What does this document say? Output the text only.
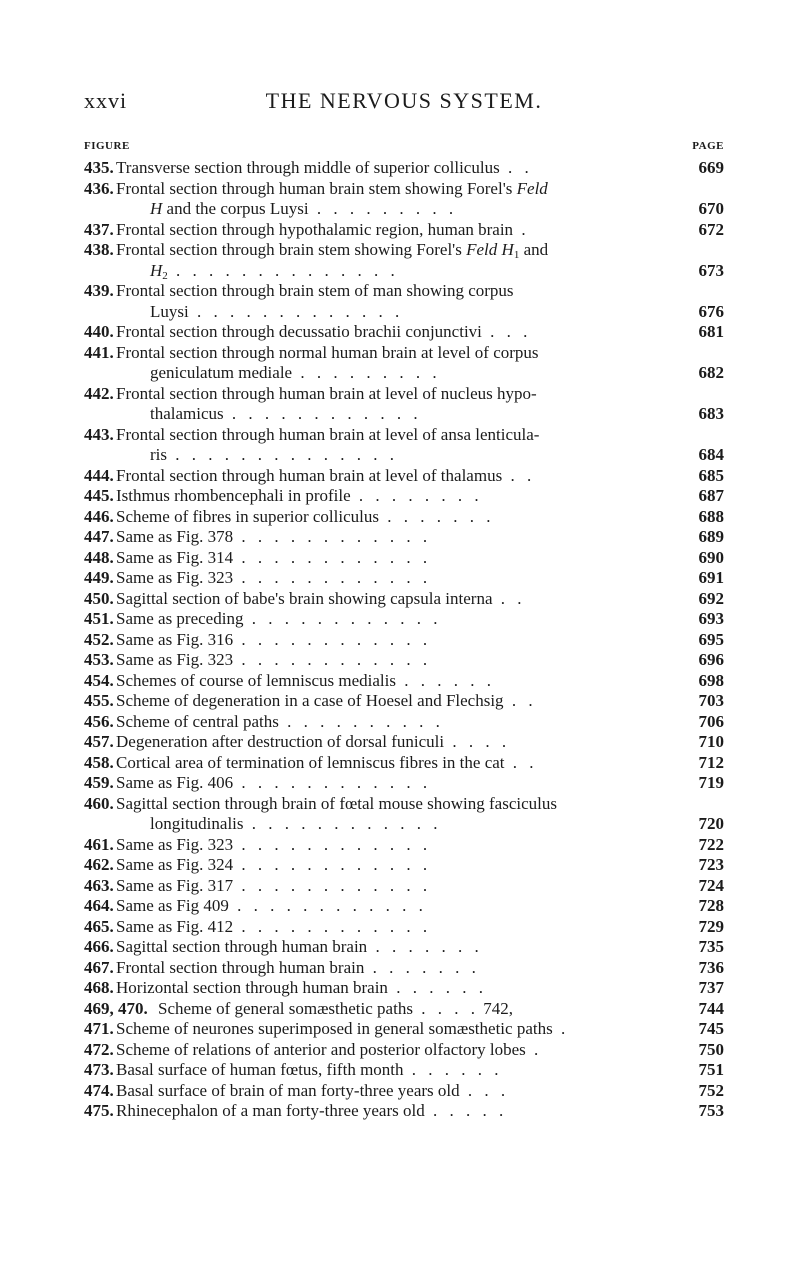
xxvi	THE NERVOUS SYSTEM.
FIGURE	PAGE
435. Transverse section through middle of superior colliculus . .	669
436. Frontal section through human brain stem showing Forel's Feld
H and the corpus Luysi . . . . . . . . .	670
437. Frontal section through hypothalamic region, human brain .	672
438. Frontal section through brain stem showing Forel's Feld $H_1$ and
$H_2$ . . . . . . . . . . . . . .	673
439. Frontal section through brain stem of man showing corpus
Luysi . . . . . . . . . . . . .	676
440. Frontal section through decussatio brachii conjunctivi . . .	681
441. Frontal section through normal human brain at level of corpus
geniculatum mediale . . . . . . . . .	682
442. Frontal section through human brain at level of nucleus hypo-
thalamicus . . . . . . . . . . . .	683
443. Frontal section through human brain at level of ansa lenticula-
ris . . . . . . . . . . . . . .	684
444. Frontal section through human brain at level of thalamus . .	685
445. Isthmus rhombencephali in profile . . . . . . . .	687
446. Scheme of fibres in superior colliculus . . . . . . .	688
447. Same as Fig. 378 . . . . . . . . . . . .	689
448. Same as Fig. 314 . . . . . . . . . . . .	690
449. Same as Fig. 323 . . . . . . . . . . . .	691
450. Sagittal section of babe's brain showing capsula interna . .	692
451. Same as preceding . . . . . . . . . . . .	693
452. Same as Fig. 316 . . . . . . . . . . . .	695
453. Same as Fig. 323 . . . . . . . . . . . .	696
454. Schemes of course of lemniscus medialis . . . . . .	698
455. Scheme of degeneration in a case of Hoesel and Flechsig . .	703
456. Scheme of central paths . . . . . . . . . .	706
457. Degeneration after destruction of dorsal funiculi . . . .	710
458. Cortical area of termination of lemniscus fibres in the cat . .	712
459. Same as Fig. 406 . . . . . . . . . . . .	719
460. Sagittal section through brain of fœtal mouse showing fasciculus
longitudinalis . . . . . . . . . . . .	720
461. Same as Fig. 323 . . . . . . . . . . . .	722
462. Same as Fig. 324 . . . . . . . . . . . .	723
463. Same as Fig. 317 . . . . . . . . . . . .	724
464. Same as Fig 409 . . . . . . . . . . . .	728
465. Same as Fig. 412 . . . . . . . . . . . .	729
466. Sagittal section through human brain . . . . . . .	735
467. Frontal section through human brain . . . . . . .	736
468. Horizontal section through human brain . . . . . .	737
469, 470. Scheme of general somæsthetic paths . . . . 742,	744
471. Scheme of neurones superimposed in general somæsthetic paths .	745
472. Scheme of relations of anterior and posterior olfactory lobes .	750
473. Basal surface of human fœtus, fifth month . . . . . .	751
474. Basal surface of brain of man forty-three years old . . .	752
475. Rhinecephalon of a man forty-three years old . . . . .	753
